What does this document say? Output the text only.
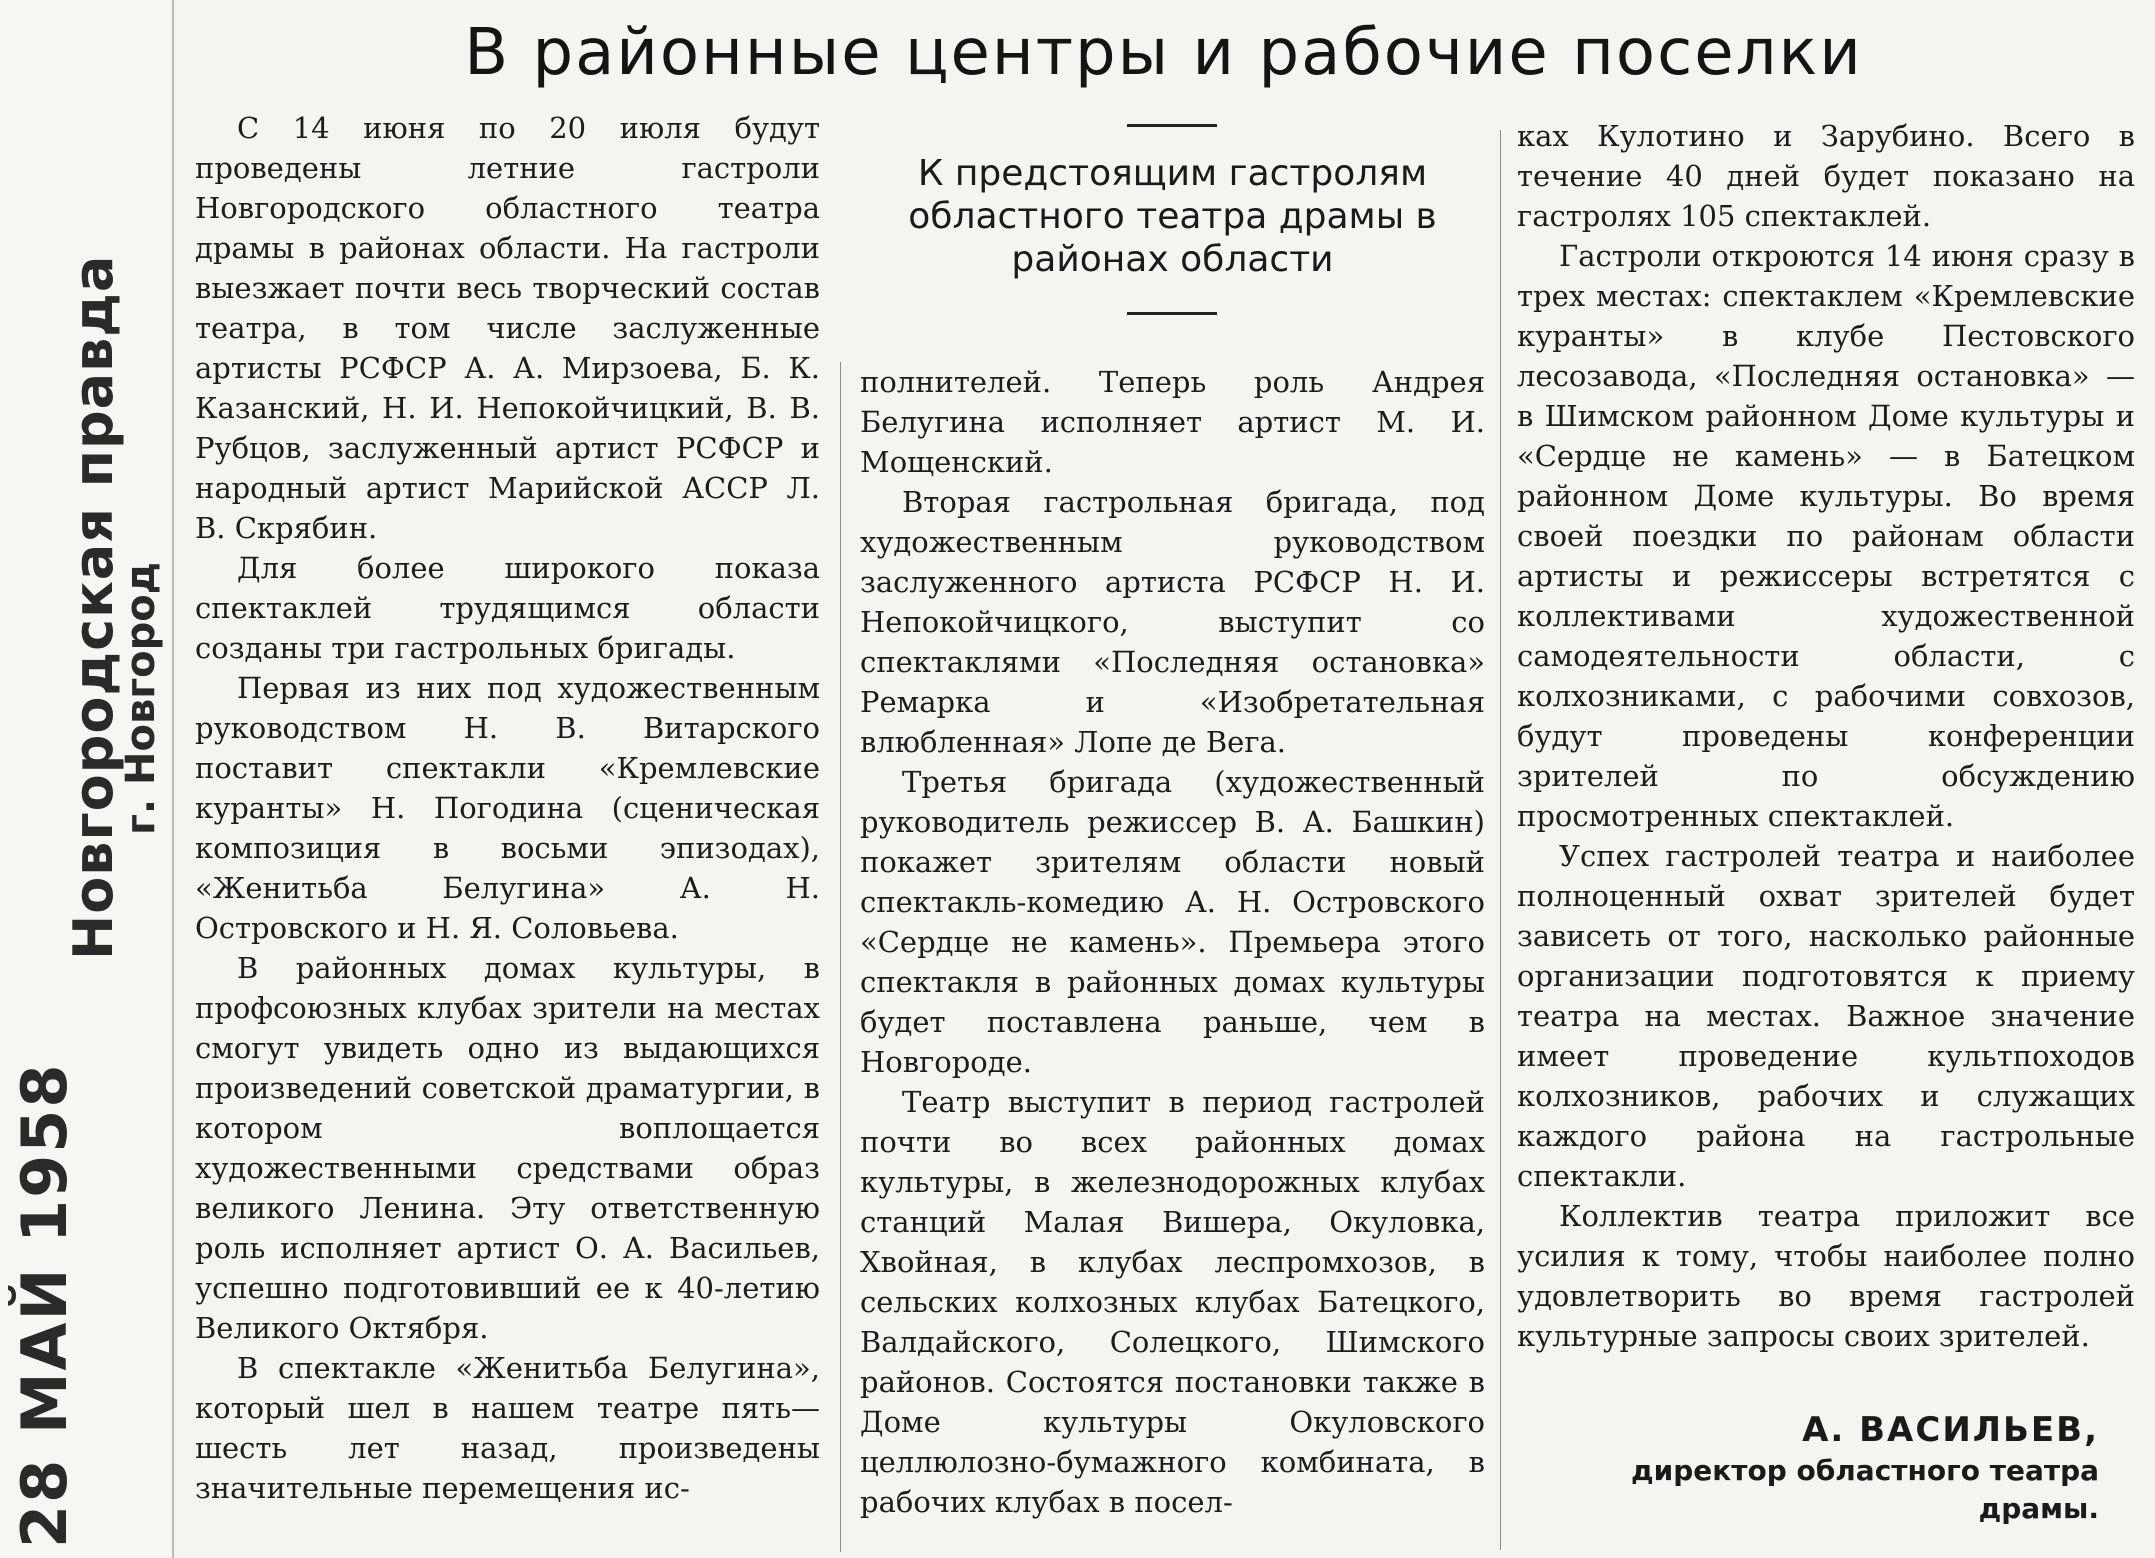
Новгородская правда
г. Новгород
28 МАЙ 1958
В районные центры и рабочие поселки

С 14 июня по 20 июля будут проведены летние гастроли Новгородского областного театра драмы в районах области. На гастроли выезжает почти весь творческий состав театра, в том числе заслуженные артисты РСФСР А. А. Мирзоева, Б. К. Казанский, Н. И. Непокойчицкий, В. В. Рубцов, заслуженный артист РСФСР и народный артист Марийской АССР Л. В. Скрябин.

Для более широкого показа спектаклей трудящимся области созданы три гастрольных бригады.

Первая из них под художественным руководством Н. В. Витарского поставит спектакли «Кремлевские куранты» Н. Погодина (сценическая композиция в восьми эпизодах), «Женитьба Белугина» А. Н. Островского и Н. Я. Соловьева.

В районных домах культуры, в профсоюзных клубах зрители на местах смогут увидеть одно из выдающихся произведений советской драматургии, в котором воплощается художественными средствами образ великого Ленина. Эту ответственную роль исполняет артист О. А. Васильев, успешно подготовивший ее к 40-летию Великого Октября.

В спектакле «Женитьба Белугина», который шел в нашем театре пять—шесть лет назад, произведены значительные перемещения ис-

К предстоящим гастролям областного театра драмы в районах области

полнителей. Теперь роль Андрея Белугина исполняет артист М. И. Мощенский.

Вторая гастрольная бригада, под художественным руководством заслуженного артиста РСФСР Н. И. Непокойчицкого, выступит со спектаклями «Последняя остановка» Ремарка и «Изобретательная влюбленная» Лопе де Вега.

Третья бригада (художественный руководитель режиссер В. А. Башкин) покажет зрителям области новый спектакль-комедию А. Н. Островского «Сердце не камень». Премьера этого спектакля в районных домах культуры будет поставлена раньше, чем в Новгороде.

Театр выступит в период гастролей почти во всех районных домах культуры, в железнодорожных клубах станций Малая Вишера, Окуловка, Хвойная, в клубах леспромхозов, в сельских колхозных клубах Батецкого, Валдайского, Солецкого, Шимского районов. Состоятся постановки также в Доме культуры Окуловского целлюлозно-бумажного комбината, в рабочих клубах в посел-

ках Кулотино и Зарубино. Всего в течение 40 дней будет показано на гастролях 105 спектаклей.

Гастроли откроются 14 июня сразу в трех местах: спектаклем «Кремлевские куранты» в клубе Пестовского лесозавода, «Последняя остановка» — в Шимском районном Доме культуры и «Сердце не камень» — в Батецком районном Доме культуры. Во время своей поездки по районам области артисты и режиссеры встретятся с коллективами художественной самодеятельности области, с колхозниками, с рабочими совхозов, будут проведены конференции зрителей по обсуждению просмотренных спектаклей.

Успех гастролей театра и наиболее полноценный охват зрителей будет зависеть от того, насколько районные организации подготовятся к приему театра на местах. Важное значение имеет проведение культпоходов колхозников, рабочих и служащих каждого района на гастрольные спектакли.

Коллектив театра приложит все усилия к тому, чтобы наиболее полно удовлетворить во время гастролей культурные запросы своих зрителей.

А. ВАСИЛЬЕВ,
директор областного театра
драмы.
